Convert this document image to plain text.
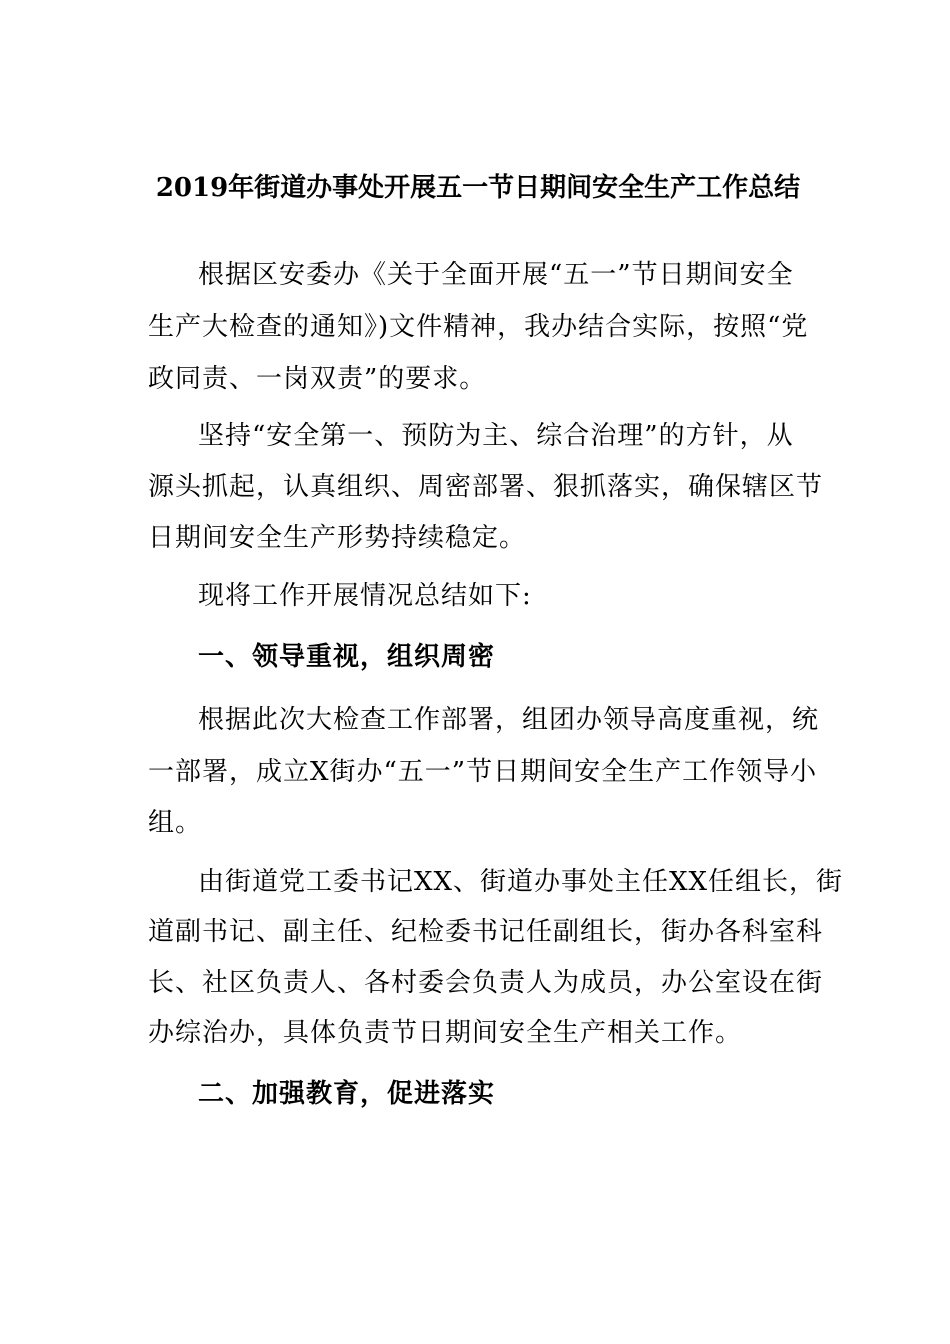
2019年街道办事处开展五一节日期间安全生产工作总结
根据区安委办《关于全面开展“五一”节日期间安全
生产大检查的通知》)文件精神，我办结合实际，按照“党
政同责、一岗双责”的要求。
坚持“安全第一、预防为主、综合治理”的方针，从
源头抓起，认真组织、周密部署、狠抓落实，确保辖区节
日期间安全生产形势持续稳定。
现将工作开展情况总结如下:
一、领导重视，组织周密
根据此次大检查工作部署，组团办领导高度重视，统
一部署，成立X街办“五一”节日期间安全生产工作领导小
组。
由街道党工委书记XX、街道办事处主任XX任组长，街
道副书记、副主任、纪检委书记任副组长，街办各科室科
长、社区负责人、各村委会负责人为成员，办公室设在街
办综治办，具体负责节日期间安全生产相关工作。
二、加强教育，促进落实
